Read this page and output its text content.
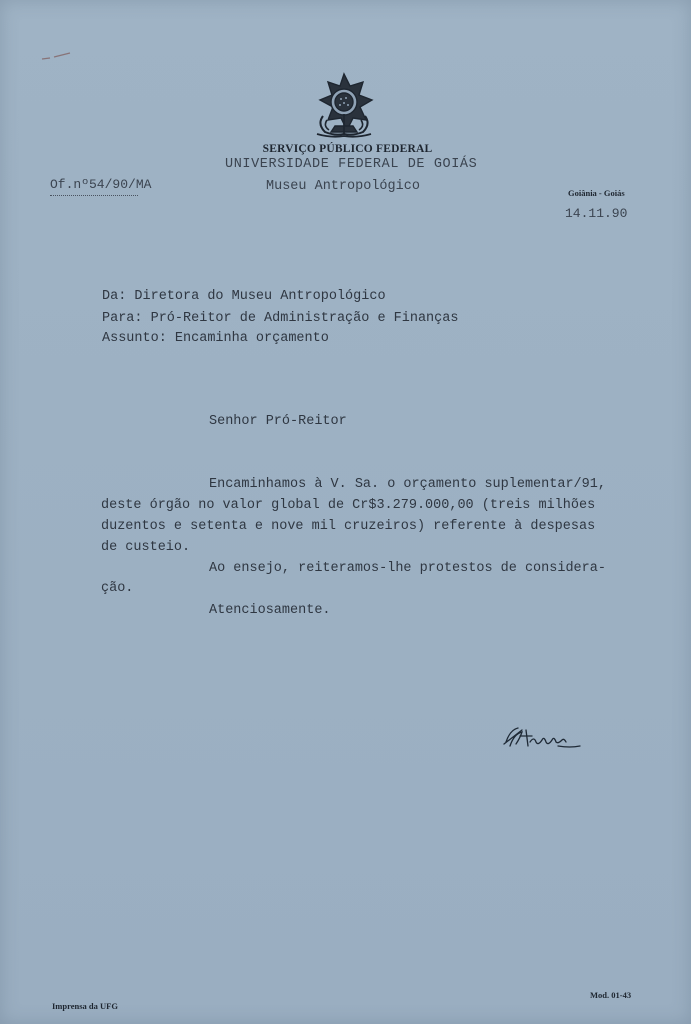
SERVIÇO PÚBLICO FEDERAL
UNIVERSIDADE FEDERAL DE GOIÁS
Museu Antropológico
Of.nº54/90/MA
Goiânia - Goiás
14.11.90
Da: Diretora do Museu Antropológico
Para: Pró-Reitor de Administração e Finanças
Assunto: Encaminha orçamento
Senhor Pró-Reitor
Encaminhamos à V. Sa. o orçamento suplementar/91,
deste órgão no valor global de Cr$3.279.000,00 (treis milhões
duzentos e setenta e nove mil cruzeiros) referente à despesas
de custeio.
Ao ensejo, reiteramos-lhe protestos de considera-
ção.
Atenciosamente.
Imprensa da UFG
Mod. 01-43
